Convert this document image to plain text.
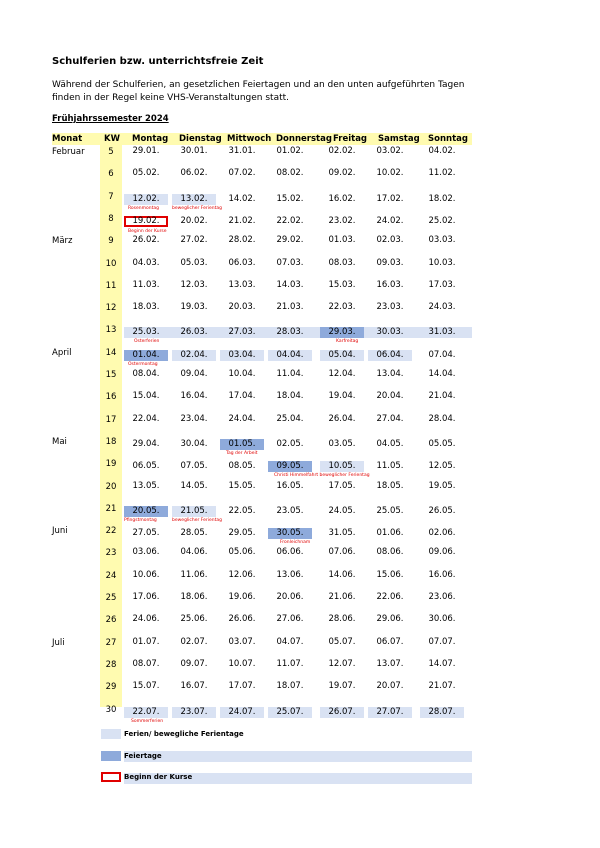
Schulferien bzw. unterrichtsfreie Zeit
Während der Schulferien, an gesetzlichen Feiertagen und an den unten aufgeführten Tagen
finden in der Regel keine VHS-Veranstaltungen statt.
Frühjahrssemester 2024
Monat	KW Montag Dienstag Mittwoch Donnerstag Freitag Samstag Sonntag
Februar	5	29.01.	30.01.	31.01.	01.02.	02.02.	03.02.	04.02.
6	05.02.	06.02.	07.02.	08.02.	09.02.	10.02.	11.02.
7	12.02.	13.02.	14.02.	15.02.	16.02.	17.02.	18.02.
8	19.02.	20.02.	21.02.	22.02.	23.02.	24.02.	25.02.
März	9	26.02.	27.02.	28.02.	29.02.	01.03.	02.03.	03.03.
10	04.03.	05.03.	06.03.	07.03.	08.03.	09.03.	10.03.
11	11.03.	12.03.	13.03.	14.03.	15.03.	16.03.	17.03.
12	18.03.	19.03.	20.03.	21.03.	22.03.	23.03.	24.03.
13	25.03.	26.03.	27.03.	28.03.	29.03.	30.03.	31.03.
April	14	01.04.	02.04.	03.04.	04.04.	05.04.	06.04.	07.04.
15	08.04.	09.04.	10.04.	11.04.	12.04.	13.04.	14.04.
16	15.04.	16.04.	17.04.	18.04.	19.04.	20.04.	21.04.
17	22.04.	23.04.	24.04.	25.04.	26.04.	27.04.	28.04.
Mai	18	29.04.	30.04.	01.05.	02.05.	03.05.	04.05.	05.05.
19	06.05.	07.05.	08.05.	09.05.	10.05.	11.05.	12.05.
20	13.05.	14.05.	15.05.	16.05.	17.05.	18.05.	19.05.
21	20.05.	21.05.	22.05.	23.05.	24.05.	25.05.	26.05.
Juni	22	27.05.	28.05.	29.05.	30.05.	31.05.	01.06.	02.06.
23	03.06.	04.06.	05.06.	06.06.	07.06.	08.06.	09.06.
24	10.06.	11.06.	12.06.	13.06.	14.06.	15.06.	16.06.
25	17.06.	18.06.	19.06.	20.06.	21.06.	22.06.	23.06.
26	24.06.	25.06.	26.06.	27.06.	28.06.	29.06.	30.06.
Juli	27	01.07.	02.07.	03.07.	04.07.	05.07.	06.07.	07.07.
28	08.07.	09.07.	10.07.	11.07.	12.07.	13.07.	14.07.
29	15.07.	16.07.	17.07.	18.07.	19.07.	20.07.	21.07.
30	22.07.	23.07.	24.07.	25.07.	26.07.	27.07.	28.07.
Rosenmontag	beweglicher Ferientag
Beginn der Kurse
Osterferien	Karfreitag
Ostermontag
Tag der Arbeit
Christi Himmelfahrt beweglicher Ferientag
Pfingstmontag	beweglicher Ferientag
Fronleichnam
Sommerferien
Ferien/ bewegliche Ferientage
Feiertage
Beginn der Kurse
